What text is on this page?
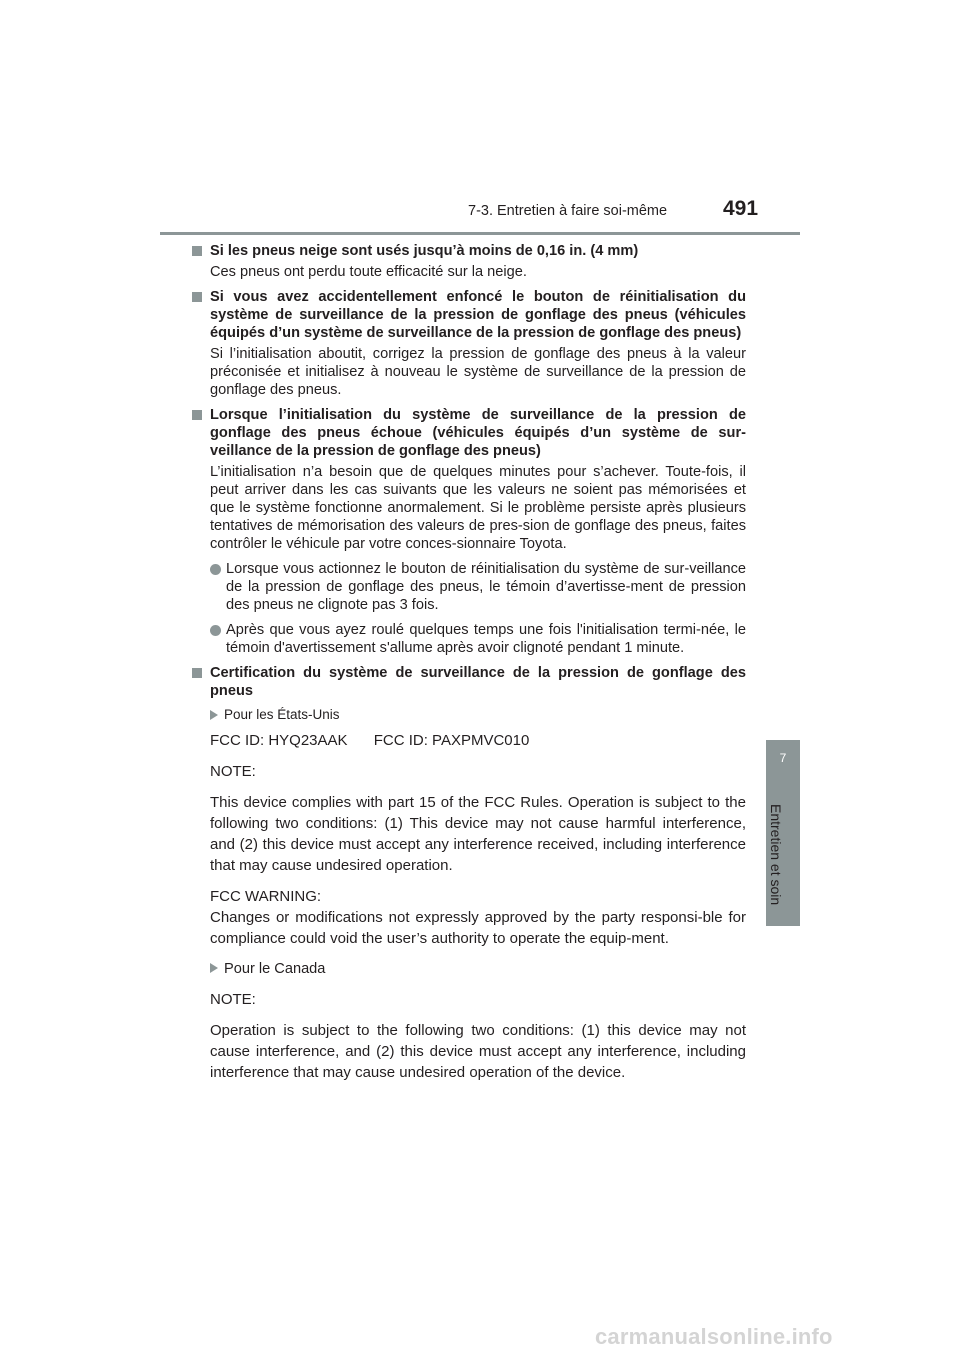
7-3. Entretien à faire soi-même	491
7
Entretien et soin
Si les pneus neige sont usés jusqu’à moins de 0,16 in. (4 mm)
Ces pneus ont perdu toute efficacité sur la neige.
Si vous avez accidentellement enfoncé le bouton de réinitialisation du système de surveillance de la pression de gonflage des pneus (véhicules équipés d’un système de surveillance de la pression de gonflage des pneus)
Si l’initialisation aboutit, corrigez la pression de gonflage des pneus à la valeur préconisée et initialisez à nouveau le système de surveillance de la pression de gonflage des pneus.
Lorsque l’initialisation du système de surveillance de la pression de gonflage des pneus échoue (véhicules équipés d’un système de sur-veillance de la pression de gonflage des pneus)
L’initialisation n’a besoin que de quelques minutes pour s’achever. Toute-fois, il peut arriver dans les cas suivants que les valeurs ne soient pas mémorisées et que le système fonctionne anormalement. Si le problème persiste après plusieurs tentatives de mémorisation des valeurs de pres-sion de gonflage des pneus, faites contrôler le véhicule par votre conces-sionnaire Toyota.
Lorsque vous actionnez le bouton de réinitialisation du système de sur-veillance de la pression de gonflage des pneus, le témoin d’avertisse-ment de pression des pneus ne clignote pas 3 fois.
Après que vous ayez roulé quelques temps une fois l'initialisation termi-née, le témoin d'avertissement s'allume après avoir clignoté pendant 1 minute.
Certification du système de surveillance de la pression de gonflage des pneus
Pour les États-Unis
FCC ID: HYQ23AAK FCC ID: PAXPMVC010
NOTE:
This device complies with part 15 of the FCC Rules. Operation is subject to the following two conditions: (1) This device may not cause harmful interference, and (2) this device must accept any interference received, including interference that may cause undesired operation.
FCC WARNING:
Changes or modifications not expressly approved by the party responsi-ble for compliance could void the user’s authority to operate the equip-ment.
Pour le Canada
NOTE:
Operation is subject to the following two conditions: (1) this device may not cause interference, and (2) this device must accept any interference, including interference that may cause undesired operation of the device.
carmanualsonline.info
